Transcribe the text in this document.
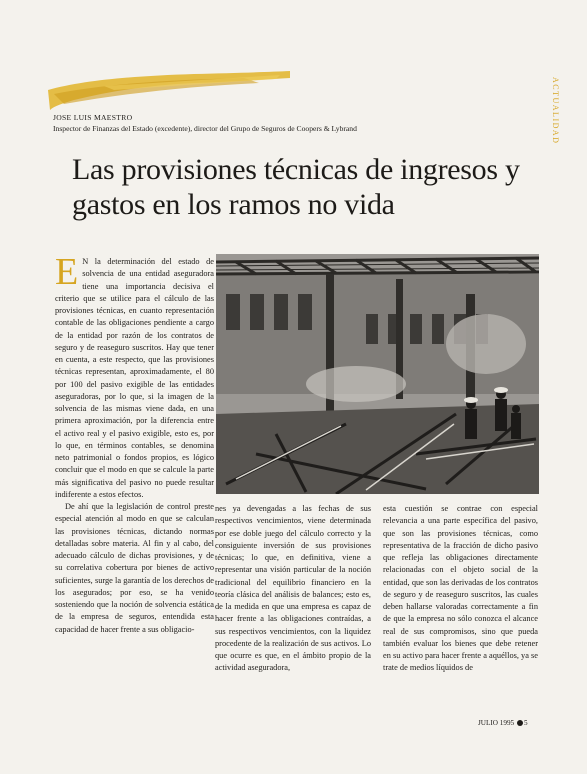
ACTUALIDAD
JOSE LUIS MAESTRO
Inspector de Finanzas del Estado (excedente), director del Grupo de Seguros de Coopers & Lybrand
Las provisiones técnicas de ingresos y gastos en los ramos no vida

E N la determinación del estado de solvencia de una entidad aseguradora tiene una importancia decisiva el criterio que se utilice para el cálculo de las provisiones técnicas, en cuanto representación contable de las obligaciones pendiente a cargo de la entidad por razón de los contratos de seguro y de reaseguro suscritos. Hay que tener en cuenta, a este respecto, que las provisiones técnicas representan, aproximadamente, el 80 por 100 del pasivo exigible de las entidades aseguradoras, por lo que, si la imagen de la solvencia de las mismas viene dada, en una primera aproximación, por la diferencia entre el activo real y el pasivo exigible, esto es, por lo que, en términos contables, se denomina neto patrimonial o fondos propios, es lógico concluir que el modo en que se calcule la parte más significativa del pasivo no puede resultar indiferente a estos efectos.

De ahí que la legislación de control preste especial atención al modo en que se calculan las provisiones técnicas, dictando normas detalladas sobre materia. Al fin y al cabo, del adecuado cálculo de dichas provisiones, y de su correlativa cobertura por bienes de activo suficientes, surge la garantía de los derechos de los asegurados; por eso, se ha venido sosteniendo que la noción de solvencia estática de la empresa de seguros, entendida esta capacidad de hacer frente a sus obligacio-

nes ya devengadas a las fechas de sus respectivos vencimientos, viene determinada por ese doble juego del cálculo correcto y la consiguiente inversión de sus provisiones técnicas; lo que, en definitiva, viene a representar una visión particular de la noción tradicional del equilibrio financiero en la teoría clásica del análisis de balances; esto es, de la medida en que una empresa es capaz de hacer frente a las obligaciones contraídas, a sus respectivos vencimientos, con la liquidez procedente de la realización de sus activos. Lo que ocurre es que, en el ámbito propio de la actividad aseguradora,

esta cuestión se contrae con especial relevancia a una parte específica del pasivo, que son las provisiones técnicas, como representativa de la fracción de dicho pasivo que refleja las obligaciones directamente relacionadas con el objeto social de la entidad, que son las derivadas de los contratos de seguro y de reaseguro suscritos, las cuales deben hallarse valoradas correctamente a fin de que la empresa no sólo conozca el alcance real de sus compromisos, sino que pueda también evaluar los bienes que debe retener en su activo para hacer frente a aquéllos, ya se trate de medios líquidos de

JULIO 1995 5
